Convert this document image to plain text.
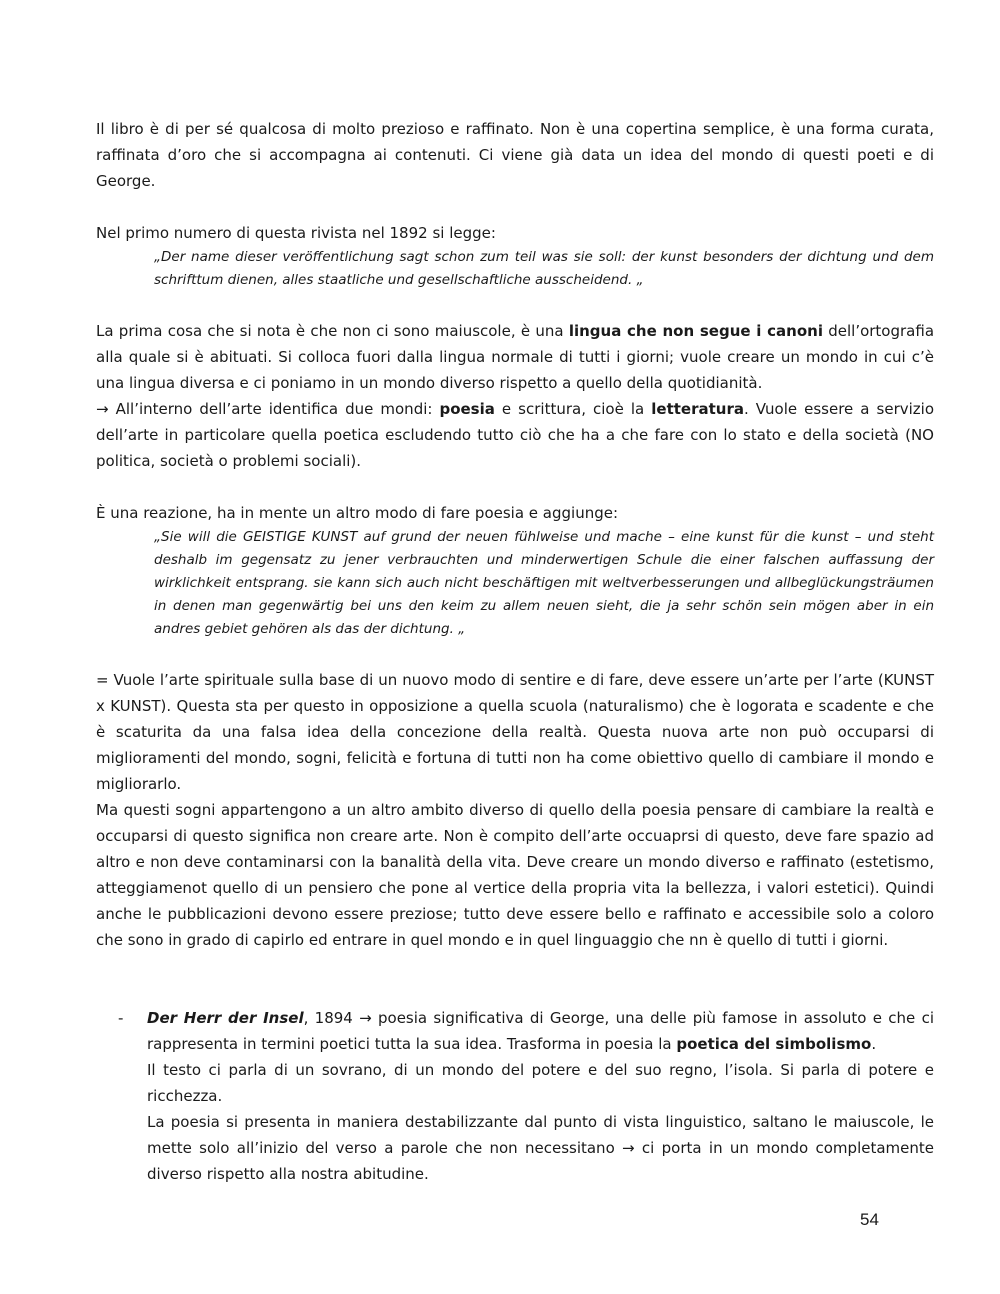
Il libro è di per sé qualcosa di molto prezioso e raffinato. Non è una copertina semplice, è una forma curata, raffinata d’oro che si accompagna ai contenuti. Ci viene già data un idea del mondo di questi poeti e di George.

Nel primo numero di questa rivista nel 1892 si legge:

„Der name dieser veröffentlichung sagt schon zum teil was sie soll: der kunst besonders der dichtung und dem schrifttum dienen, alles staatliche und gesellschaftliche ausscheidend. „

La prima cosa che si nota è che non ci sono maiuscole, è una lingua che non segue i canoni dell’ortografia alla quale si è abituati. Si colloca fuori dalla lingua normale di tutti i giorni; vuole creare un mondo in cui c’è una lingua diversa e ci poniamo in un mondo diverso rispetto a quello della quotidianità.

→ All’interno dell’arte identifica due mondi: poesia e scrittura, cioè la letteratura. Vuole essere a servizio dell’arte in particolare quella poetica escludendo tutto ciò che ha a che fare con lo stato e della società (NO politica, società o problemi sociali).

È una reazione, ha in mente un altro modo di fare poesia e aggiunge:

„Sie will die GEISTIGE KUNST auf grund der neuen fühlweise und mache – eine kunst für die kunst – und steht deshalb im gegensatz zu jener verbrauchten und minderwertigen Schule die einer falschen auffassung der wirklichkeit entsprang. sie kann sich auch nicht beschäftigen mit weltverbesserungen und allbeglückungsträumen in denen man gegenwärtig bei uns den keim zu allem neuen sieht, die ja sehr schön sein mögen aber in ein andres gebiet gehören als das der dichtung. „

= Vuole l’arte spirituale sulla base di un nuovo modo di sentire e di fare, deve essere un’arte per l’arte (KUNST x KUNST). Questa sta per questo in opposizione a quella scuola (naturalismo) che è logorata e scadente e che è scaturita da una falsa idea della concezione della realtà. Questa nuova arte non può occuparsi di miglioramenti del mondo, sogni, felicità e fortuna di tutti non ha come obiettivo quello di cambiare il mondo e migliorarlo.

Ma questi sogni appartengono a un altro ambito diverso di quello della poesia pensare di cambiare la realtà e occuparsi di questo significa non creare arte. Non è compito dell’arte occuaprsi di questo, deve fare spazio ad altro e non deve contaminarsi con la banalità della vita. Deve creare un mondo diverso e raffinato (estetismo, atteggiamenot quello di un pensiero che pone al vertice della propria vita la bellezza, i valori estetici). Quindi anche le pubblicazioni devono essere preziose; tutto deve essere bello e raffinato e accessibile solo a coloro che sono in grado di capirlo ed entrare in quel mondo e in quel linguaggio che nn è quello di tutti i giorni.

- Der Herr der Insel, 1894 → poesia significativa di George, una delle più famose in assoluto e che ci rappresenta in termini poetici tutta la sua idea. Trasforma in poesia la poetica del simbolismo.

Il testo ci parla di un sovrano, di un mondo del potere e del suo regno, l’isola. Si parla di potere e ricchezza.

La poesia si presenta in maniera destabilizzante dal punto di vista linguistico, saltano le maiuscole, le mette solo all’inizio del verso a parole che non necessitano → ci porta in un mondo completamente diverso rispetto alla nostra abitudine.

54
